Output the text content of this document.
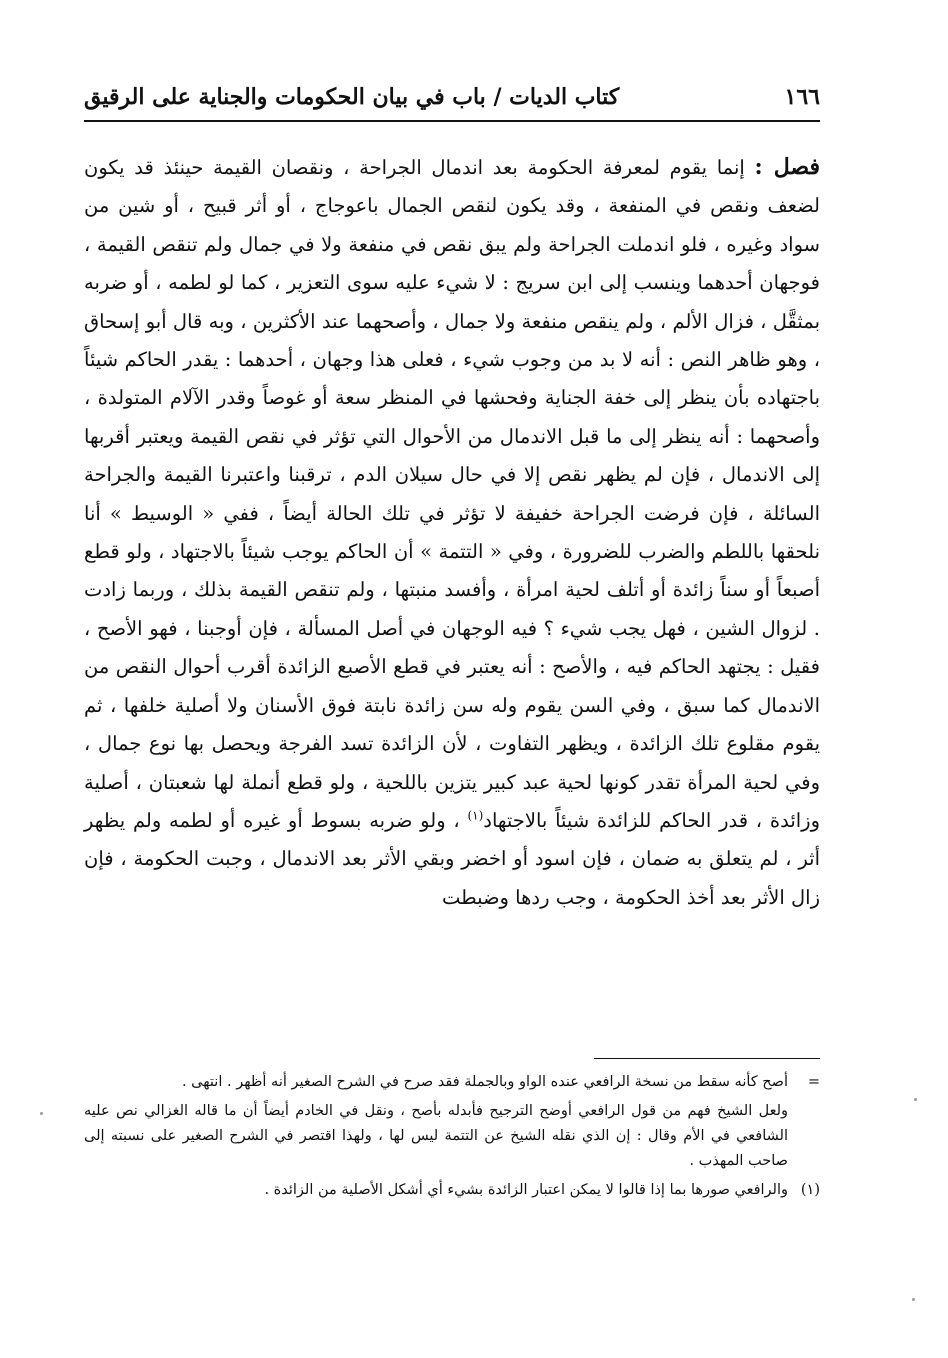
١٦٦
كتاب الديات / باب في بيان الحكومات والجناية على الرقيق
فصل : إنما يقوم لمعرفة الحكومة بعد اندمال الجراحة ، ونقصان القيمة حينئذ قد يكون لضعف ونقص في المنفعة ، وقد يكون لنقص الجمال باعوجاج ، أو أثر قبيح ، أو شين من سواد وغيره ، فلو اندملت الجراحة ولم يبق نقص في منفعة ولا في جمال ولم تنقص القيمة ، فوجهان أحدهما وينسب إلى ابن سريج : لا شيء عليه سوى التعزير ، كما لو لطمه ، أو ضربه بمثقَّل ، فزال الألم ، ولم ينقص منفعة ولا جمال ، وأصحهما عند الأكثرين ، وبه قال أبو إسحاق ، وهو ظاهر النص : أنه لا بد من وجوب شيء ، فعلى هذا وجهان ، أحدهما : يقدر الحاكم شيئاً باجتهاده بأن ينظر إلى خفة الجناية وفحشها في المنظر سعة أو غوصاً وقدر الآلام المتولدة ، وأصحهما : أنه ينظر إلى ما قبل الاندمال من الأحوال التي تؤثر في نقص القيمة ويعتبر أقربها إلى الاندمال ، فإن لم يظهر نقص إلا في حال سيلان الدم ، ترقبنا واعتبرنا القيمة والجراحة السائلة ، فإن فرضت الجراحة خفيفة لا تؤثر في تلك الحالة أيضاً ، ففي « الوسيط » أنا نلحقها باللطم والضرب للضرورة ، وفي « التتمة » أن الحاكم يوجب شيئاً بالاجتهاد ، ولو قطع أصبعاً أو سناً زائدة أو أتلف لحية امرأة ، وأفسد منبتها ، ولم تنقص القيمة بذلك ، وربما زادت . لزوال الشين ، فهل يجب شيء ؟ فيه الوجهان في أصل المسألة ، فإن أوجبنا ، فهو الأصح ، فقيل : يجتهد الحاكم فيه ، والأصح : أنه يعتبر في قطع الأصبع الزائدة أقرب أحوال النقص من الاندمال كما سبق ، وفي السن يقوم وله سن زائدة نابتة فوق الأسنان ولا أصلية خلفها ، ثم يقوم مقلوع تلك الزائدة ، ويظهر التفاوت ، لأن الزائدة تسد الفرجة ويحصل بها نوع جمال ، وفي لحية المرأة تقدر كونها لحية عبد كبير يتزين باللحية ، ولو قطع أنملة لها شعبتان ، أصلية وزائدة ، قدر الحاكم للزائدة شيئاً بالاجتهاد$^{(١)}$ ، ولو ضربه بسوط أو غيره أو لطمه ولم يظهر أثر ، لم يتعلق به ضمان ، فإن اسود أو اخضر وبقي الأثر بعد الاندمال ، وجبت الحكومة ، فإن زال الأثر بعد أخذ الحكومة ، وجب ردها وضبطت
=

أصح كأنه سقط من نسخة الرافعي عنده الواو وبالجملة فقد صرح في الشرح الصغير أنه أظهر . انتهى .

ولعل الشيخ فهم من قول الرافعي أوضح الترجيح فأبدله بأصح ، ونقل في الخادم أيضاً أن ما قاله الغزالي نص عليه الشافعي في الأم وقال : إن الذي نقله الشيخ عن التتمة ليس لها ، ولهذا اقتصر في الشرح الصغير على نسبته إلى صاحب المهذب .

(١)

والرافعي صورها بما إذا قالوا لا يمكن اعتبار الزائدة بشيء أي أشكل الأصلية من الزائدة .
